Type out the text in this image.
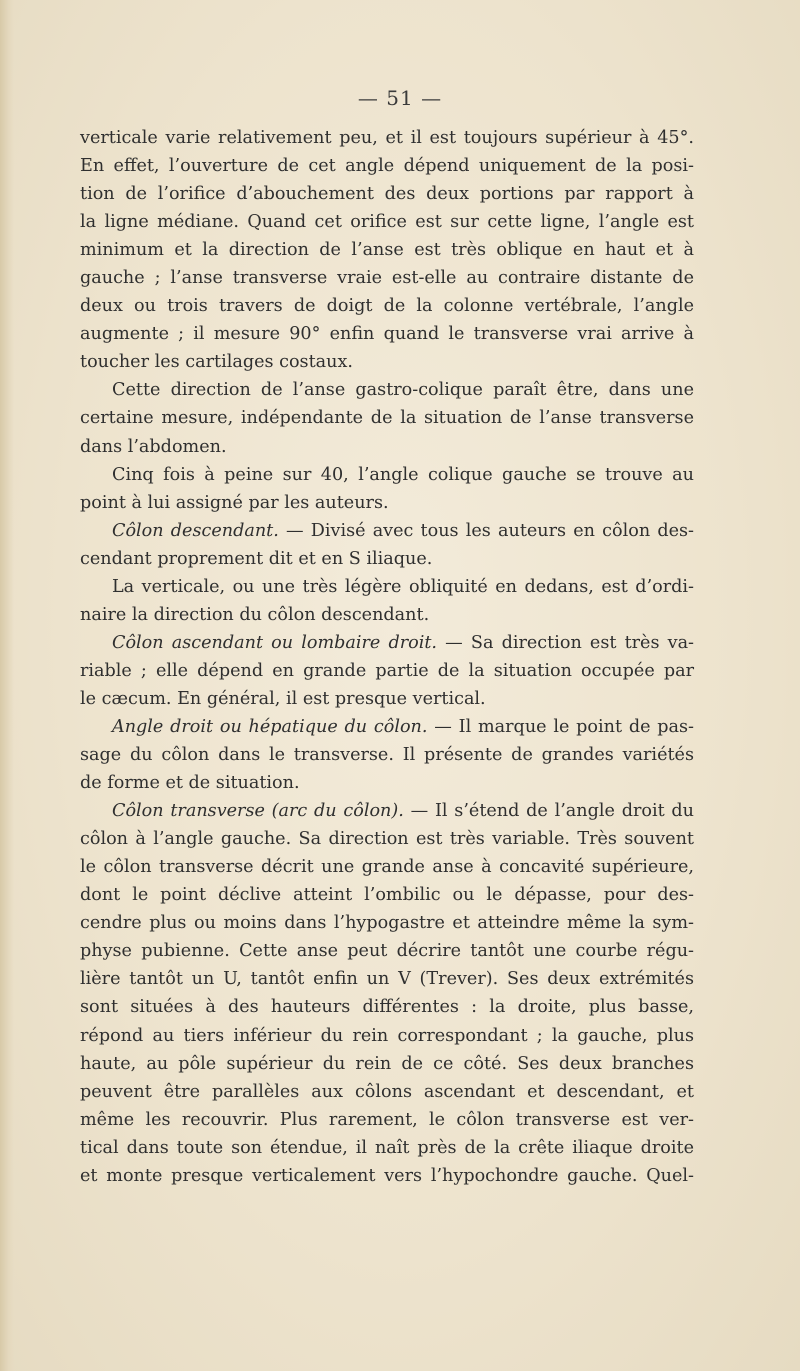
— 51 —
verticale varie relativement peu, et il est toujours supérieur à 45°.
En effet, l’ouverture de cet angle dépend uniquement de la posi-
tion de l’orifice d’abouchement des deux portions par rapport à
la ligne médiane. Quand cet orifice est sur cette ligne, l’angle est
minimum et la direction de l’anse est très oblique en haut et à
gauche ; l’anse transverse vraie est-elle au contraire distante de
deux ou trois travers de doigt de la colonne vertébrale, l’angle
augmente ; il mesure 90° enfin quand le transverse vrai arrive à
toucher les cartilages costaux.
Cette direction de l’anse gastro-colique paraît être, dans une
certaine mesure, indépendante de la situation de l’anse transverse
dans l’abdomen.
Cinq fois à peine sur 40, l’angle colique gauche se trouve au
point à lui assigné par les auteurs.
Côlon descendant. — Divisé avec tous les auteurs en côlon des-
cendant proprement dit et en S iliaque.
La verticale, ou une très légère obliquité en dedans, est d’ordi-
naire la direction du côlon descendant.
Côlon ascendant ou lombaire droit. — Sa direction est très va-
riable ; elle dépend en grande partie de la situation occupée par
le cæcum. En général, il est presque vertical.
Angle droit ou hépatique du côlon. — Il marque le point de pas-
sage du côlon dans le transverse. Il présente de grandes variétés
de forme et de situation.
Côlon transverse (arc du côlon). — Il s’étend de l’angle droit du
côlon à l’angle gauche. Sa direction est très variable. Très souvent
le côlon transverse décrit une grande anse à concavité supérieure,
dont le point déclive atteint l’ombilic ou le dépasse, pour des-
cendre plus ou moins dans l’hypogastre et atteindre même la sym-
physe pubienne. Cette anse peut décrire tantôt une courbe régu-
lière tantôt un U, tantôt enfin un V (Trever). Ses deux extrémités
sont situées à des hauteurs différentes : la droite, plus basse,
répond au tiers inférieur du rein correspondant ; la gauche, plus
haute, au pôle supérieur du rein de ce côté. Ses deux branches
peuvent être parallèles aux côlons ascendant et descendant, et
même les recouvrir. Plus rarement, le côlon transverse est ver-
tical dans toute son étendue, il naît près de la crête iliaque droite
et monte presque verticalement vers l’hypochondre gauche. Quel-
